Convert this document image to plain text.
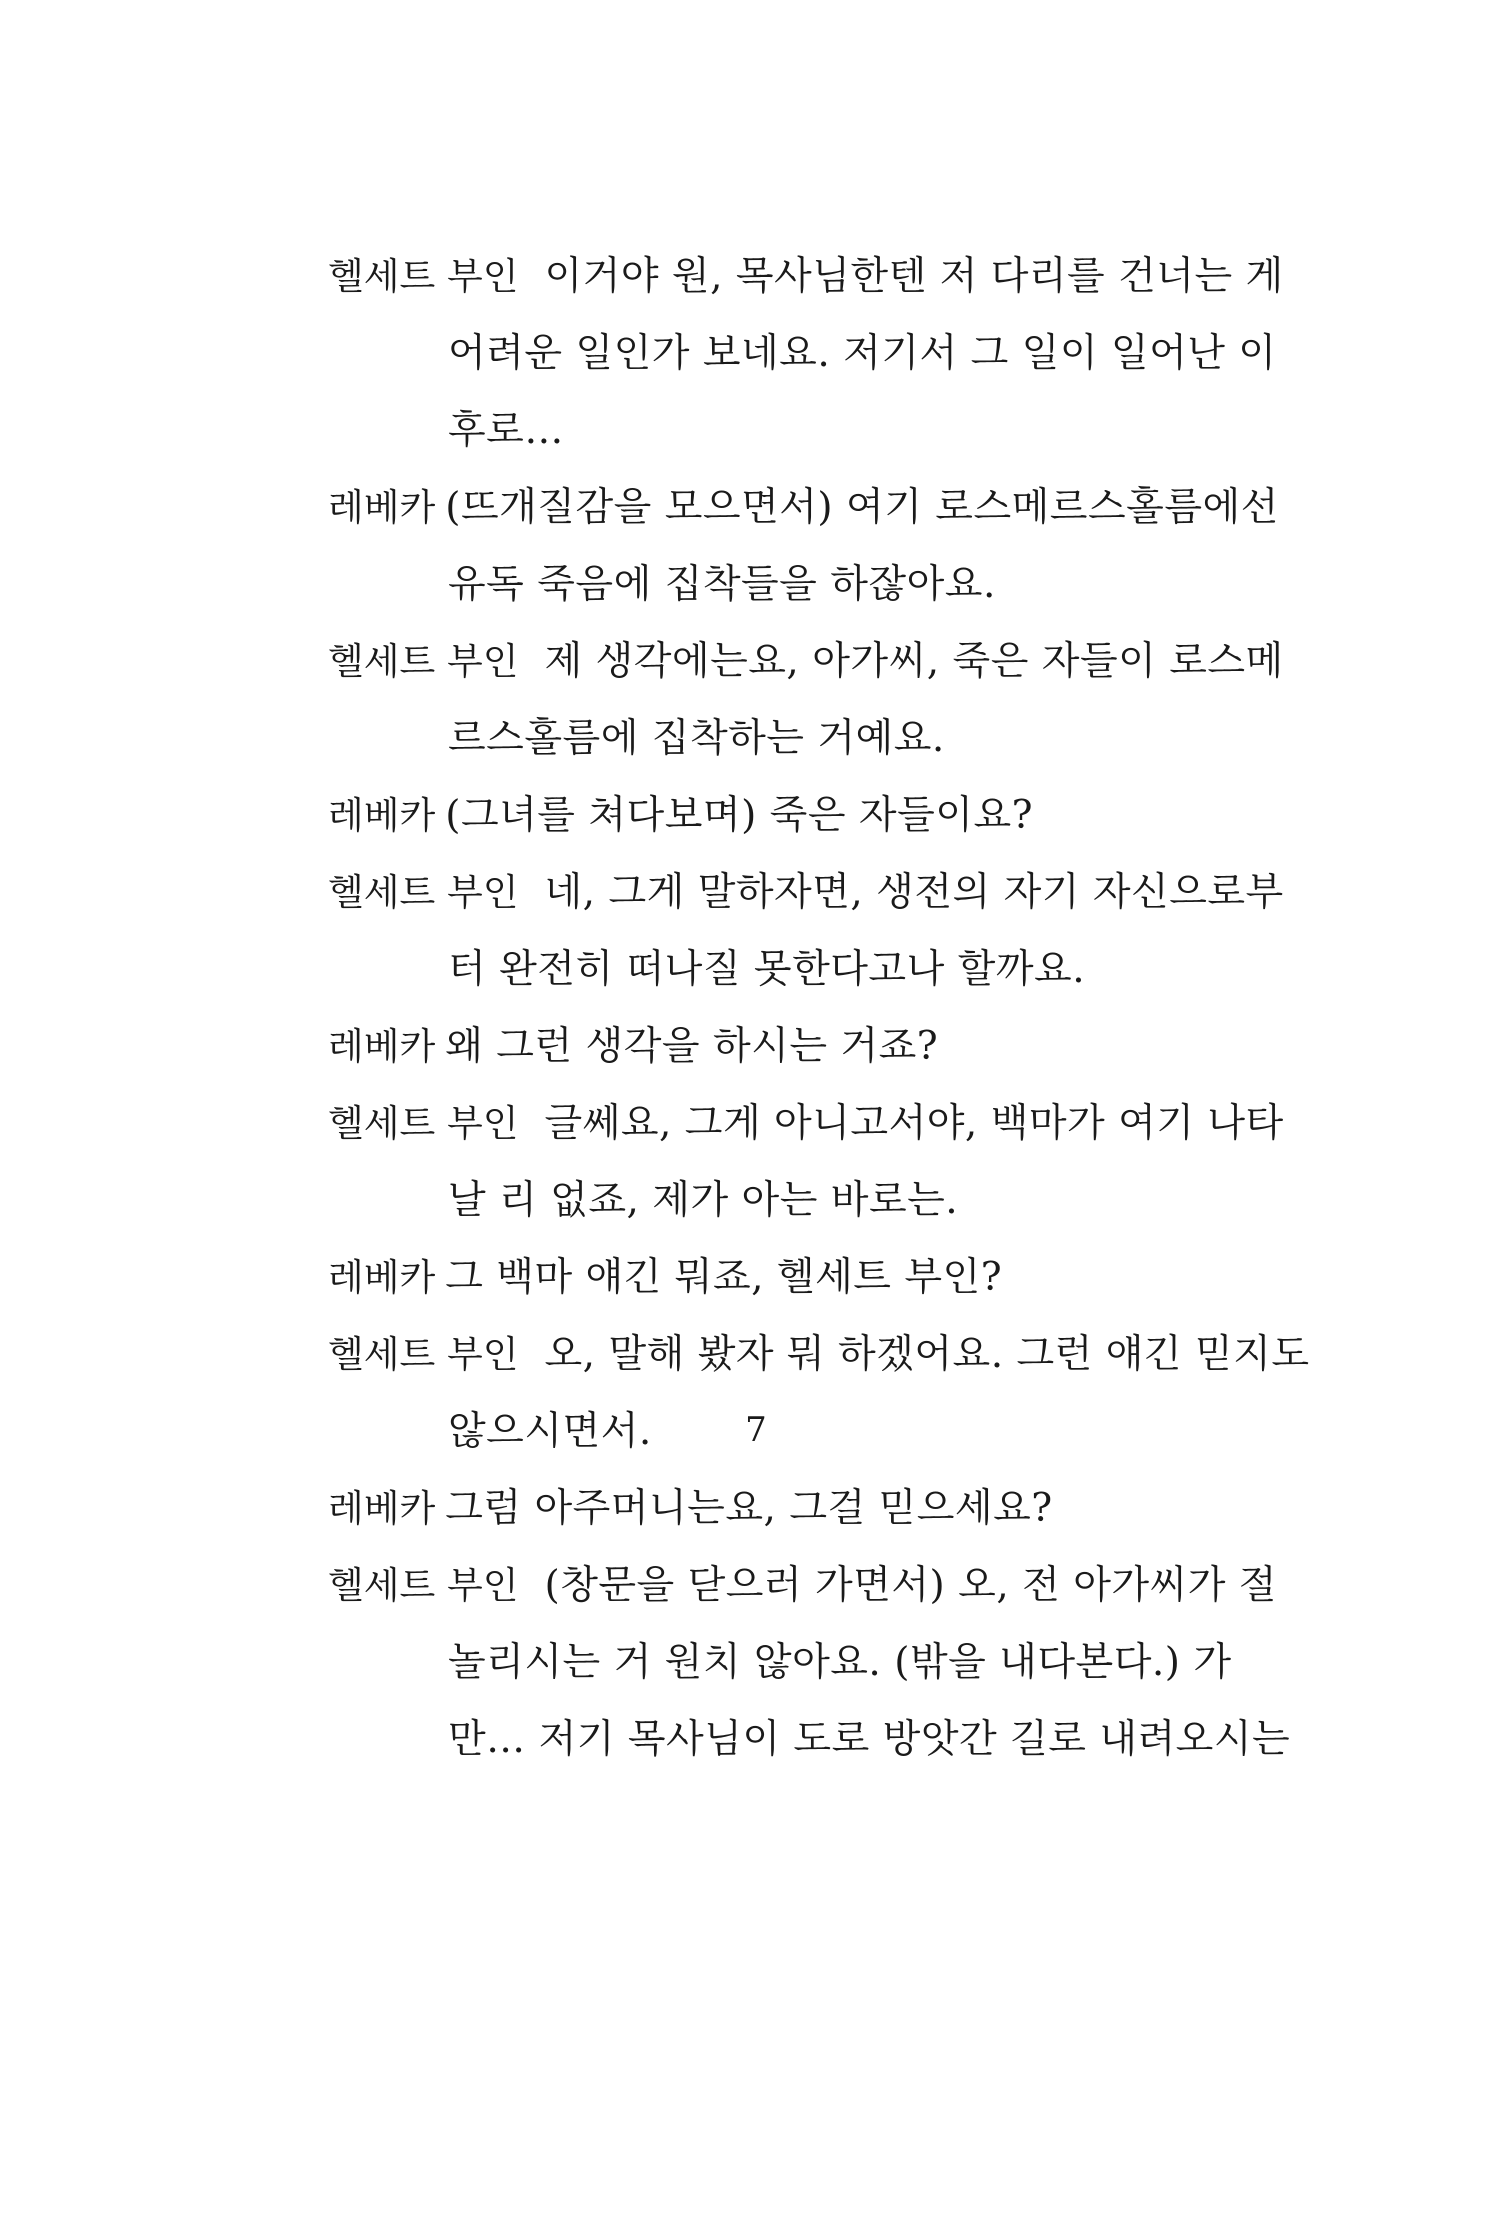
헬세트 부인 이거야 원, 목사님한텐 저 다리를 건너는 게
어려운 일인가 보네요. 저기서 그 일이 일어난 이
후로…
레베카 (뜨개질감을 모으면서) 여기 로스메르스홀름에선
유독 죽음에 집착들을 하잖아요.
헬세트 부인 제 생각에는요, 아가씨, 죽은 자들이 로스메
르스홀름에 집착하는 거예요.
레베카 (그녀를 쳐다보며) 죽은 자들이요?
헬세트 부인 네, 그게 말하자면, 생전의 자기 자신으로부
터 완전히 떠나질 못한다고나 할까요.
레베카 왜 그런 생각을 하시는 거죠?
헬세트 부인 글쎄요, 그게 아니고서야, 백마가 여기 나타
날 리 없죠, 제가 아는 바로는.
레베카 그 백마 얘긴 뭐죠, 헬세트 부인?
헬세트 부인 오, 말해 봤자 뭐 하겠어요. 그런 얘긴 믿지도
않으시면서.
레베카 그럼 아주머니는요, 그걸 믿으세요?
헬세트 부인 (창문을 닫으러 가면서) 오, 전 아가씨가 절
놀리시는 거 원치 않아요. (밖을 내다본다.) 가
만… 저기 목사님이 도로 방앗간 길로 내려오시는
7
